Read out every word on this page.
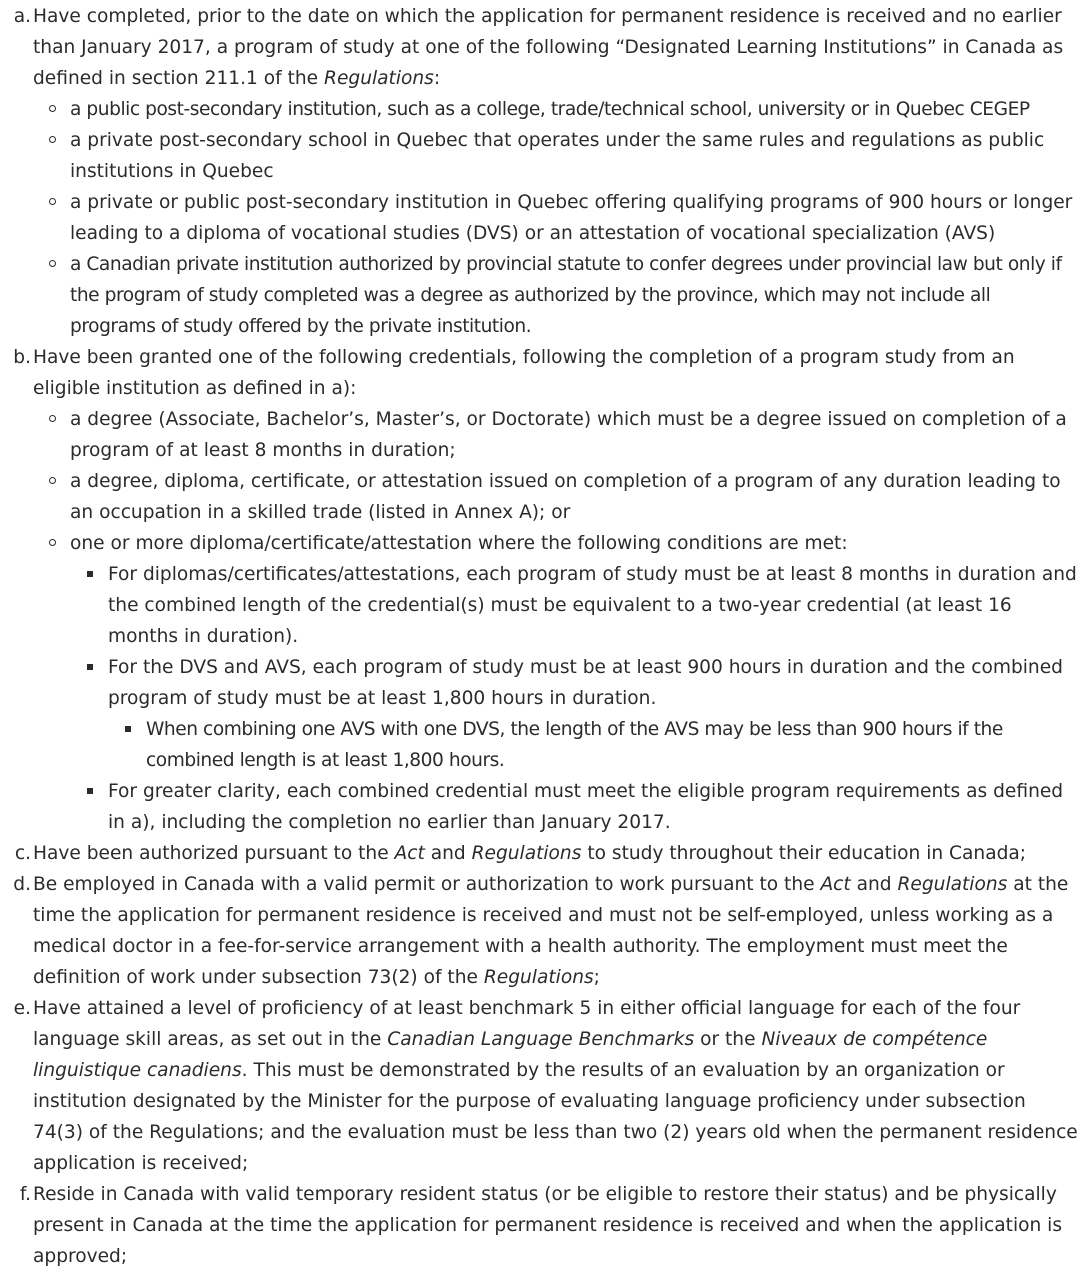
a. Have completed, prior to the date on which the application for permanent residence is received and no earlier than January 2017, a program of study at one of the following “Designated Learning Institutions” in Canada as defined in section 211.1 of the Regulations:
a public post-secondary institution, such as a college, trade/technical school, university or in Quebec CEGEP
a private post-secondary school in Quebec that operates under the same rules and regulations as public institutions in Quebec
a private or public post-secondary institution in Quebec offering qualifying programs of 900 hours or longer leading to a diploma of vocational studies (DVS) or an attestation of vocational specialization (AVS)
a Canadian private institution authorized by provincial statute to confer degrees under provincial law but only if the program of study completed was a degree as authorized by the province, which may not include all programs of study offered by the private institution.
b. Have been granted one of the following credentials, following the completion of a program study from an eligible institution as defined in a):
a degree (Associate, Bachelor’s, Master’s, or Doctorate) which must be a degree issued on completion of a program of at least 8 months in duration;
a degree, diploma, certificate, or attestation issued on completion of a program of any duration leading to an occupation in a skilled trade (listed in Annex A); or
one or more diploma/certificate/attestation where the following conditions are met:
For diplomas/certificates/attestations, each program of study must be at least 8 months in duration and the combined length of the credential(s) must be equivalent to a two-year credential (at least 16 months in duration).
For the DVS and AVS, each program of study must be at least 900 hours in duration and the combined program of study must be at least 1,800 hours in duration.
When combining one AVS with one DVS, the length of the AVS may be less than 900 hours if the combined length is at least 1,800 hours.
For greater clarity, each combined credential must meet the eligible program requirements as defined in a), including the completion no earlier than January 2017.
c. Have been authorized pursuant to the Act and Regulations to study throughout their education in Canada;
d. Be employed in Canada with a valid permit or authorization to work pursuant to the Act and Regulations at the time the application for permanent residence is received and must not be self-employed, unless working as a medical doctor in a fee-for-service arrangement with a health authority. The employment must meet the definition of work under subsection 73(2) of the Regulations;
e. Have attained a level of proficiency of at least benchmark 5 in either official language for each of the four language skill areas, as set out in the Canadian Language Benchmarks or the Niveaux de compétence linguistique canadiens. This must be demonstrated by the results of an evaluation by an organization or institution designated by the Minister for the purpose of evaluating language proficiency under subsection 74(3) of the Regulations; and the evaluation must be less than two (2) years old when the permanent residence application is received;
f. Reside in Canada with valid temporary resident status (or be eligible to restore their status) and be physically present in Canada at the time the application for permanent residence is received and when the application is approved;
